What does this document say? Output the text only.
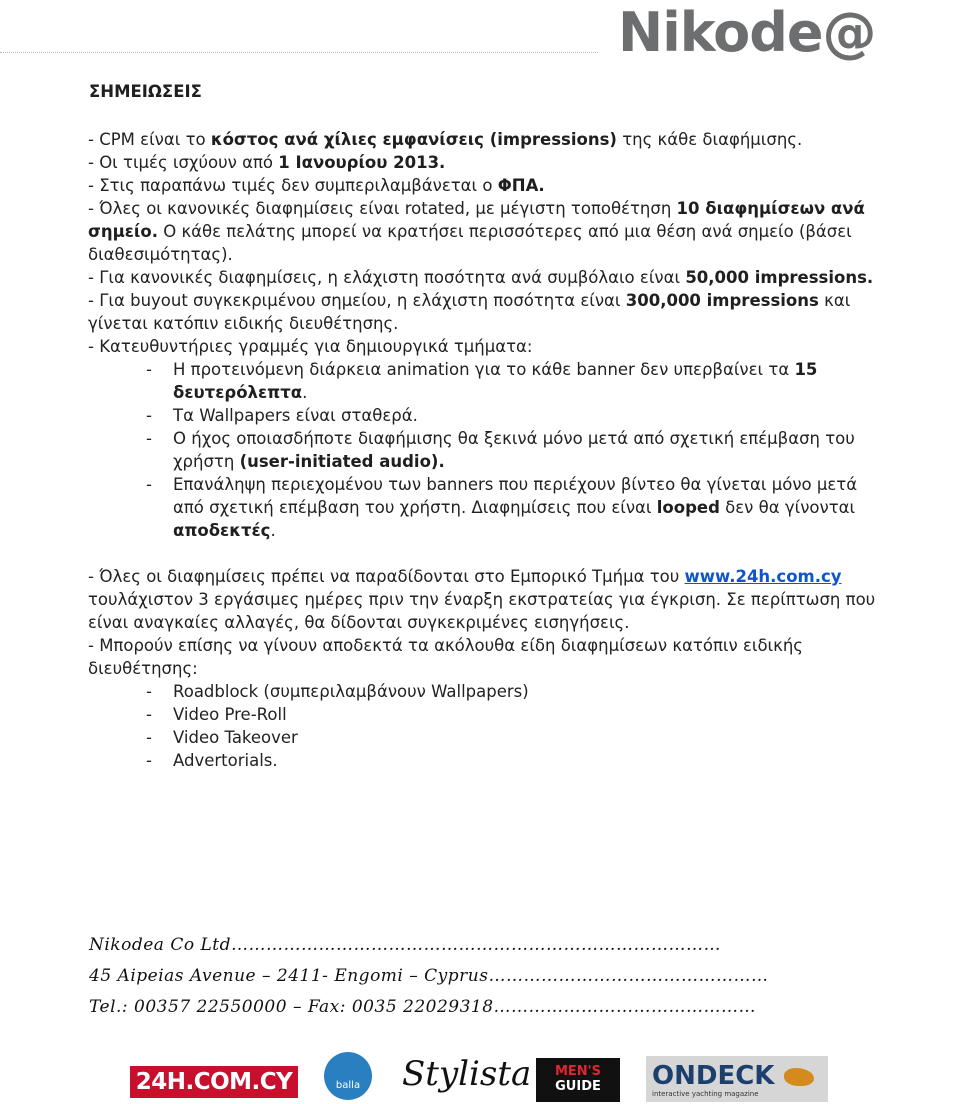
Nikode@
ΣΗΜΕΙΩΣΕΙΣ

- CPM είναι το κόστος ανά χίλιες εμφανίσεις (impressions) της κάθε διαφήμισης.

- Οι τιμές ισχύουν από 1 Ιανουρίου 2013.

- Στις παραπάνω τιμές δεν συμπεριλαμβάνεται ο ΦΠΑ.

- Όλες οι κανονικές διαφημίσεις είναι rotated, με μέγιστη τοποθέτηση 10 διαφημίσεων ανά σημείο. Ο κάθε πελάτης μπορεί να κρατήσει περισσότερες από μια θέση ανά σημείο (βάσει διαθεσιμότητας).

- Για κανονικές διαφημίσεις, η ελάχιστη ποσότητα ανά συμβόλαιο είναι 50,000 impressions.

- Για buyout συγκεκριμένου σημείου, η ελάχιστη ποσότητα είναι 300,000 impressions και γίνεται κατόπιν ειδικής διευθέτησης.

- Κατευθυντήριες γραμμές για δημιουργικά τμήματα:

-	Η προτεινόμενη διάρκεια animation για το κάθε banner δεν υπερβαίνει τα 15 δευτερόλεπτα.
-	Τα Wallpapers είναι σταθερά.
-	Ο ήχος οποιασδήποτε διαφήμισης θα ξεκινά μόνο μετά από σχετική επέμβαση του χρήστη (user-initiated audio).
-	Επανάληψη περιεχομένου των banners που περιέχουν βίντεο θα γίνεται μόνο μετά από σχετική επέμβαση του χρήστη. Διαφημίσεις που είναι looped δεν θα γίνονται αποδεκτές.

- Όλες οι διαφημίσεις πρέπει να παραδίδονται στο Εμπορικό Τμήμα του www.24h.com.cy τουλάχιστον 3 εργάσιμες ημέρες πριν την έναρξη εκστρατείας για έγκριση. Σε περίπτωση που είναι αναγκαίες αλλαγές, θα δίδονται συγκεκριμένες εισηγήσεις.

- Μπορούν επίσης να γίνουν αποδεκτά τα ακόλουθα είδη διαφημίσεων κατόπιν ειδικής διευθέτησης:

-	Roadblock (συμπεριλαμβάνουν Wallpapers)
-	Video Pre-Roll
-	Video Takeover
-	Advertorials.
Nikodea Co Ltd…………………………………………………………………………
45 Aipeias Avenue – 2411- Engomi – Cyprus…………………………………………
Tel.: 00357 22550000 – Fax: 0035 22029318………………………………………
24H.COM.CY	balla	Stylista	MEN'S
GUIDE	ONDECK
interactive yachting magazine
